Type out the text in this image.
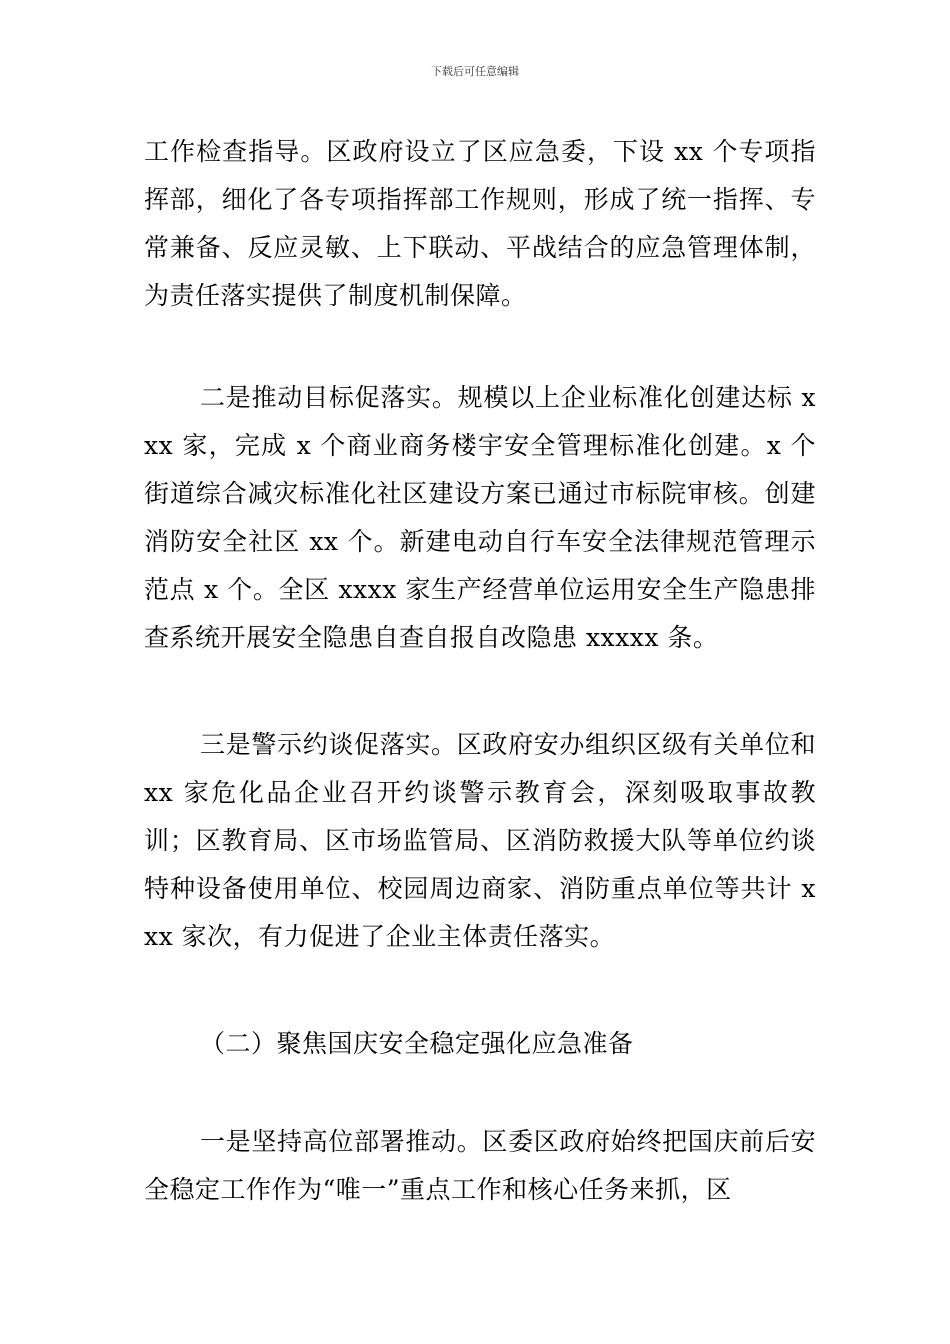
下载后可任意编辑

工作检查指导。区政府设立了区应急委，下设 xx 个专项指挥部，细化了各专项指挥部工作规则，形成了统一指挥、专常兼备、反应灵敏、上下联动、平战结合的应急管理体制，为责任落实提供了制度机制保障。

二是推动目标促落实。规模以上企业标准化创建达标 xxx 家，完成 x 个商业商务楼宇安全管理标准化创建。x 个街道综合减灾标准化社区建设方案已通过市标院审核。创建消防安全社区 xx 个。新建电动自行车安全法律规范管理示范点 x 个。全区 xxxx 家生产经营单位运用安全生产隐患排查系统开展安全隐患自查自报自改隐患 xxxxx 条。

三是警示约谈促落实。区政府安办组织区级有关单位和 xx 家危化品企业召开约谈警示教育会，深刻吸取事故教训；区教育局、区市场监管局、区消防救援大队等单位约谈特种设备使用单位、校园周边商家、消防重点单位等共计 xxx 家次，有力促进了企业主体责任落实。

（二）聚焦国庆安全稳定强化应急准备

一是坚持高位部署推动。区委区政府始终把国庆前后安全稳定工作作为“唯一”重点工作和核心任务来抓，区
